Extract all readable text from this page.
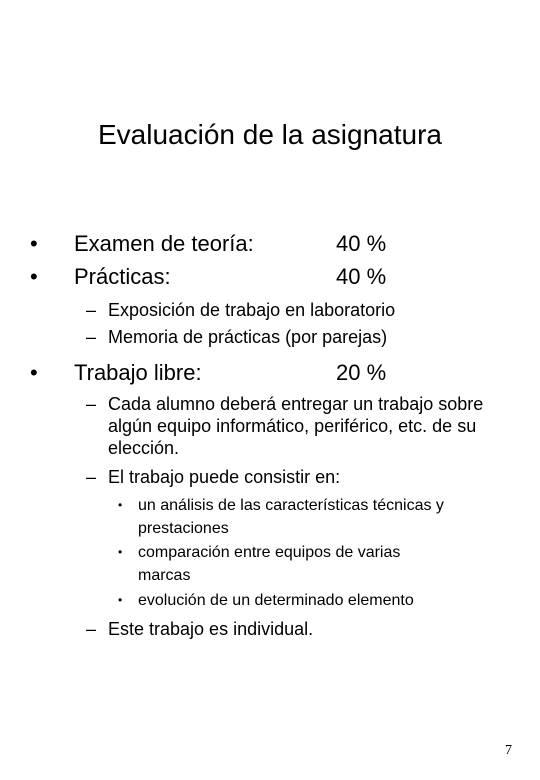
Evaluación de la asignatura
• Examen de teoría:	40 %
• Prácticas:	40 %
– Exposición de trabajo en laboratorio
– Memoria de prácticas (por parejas)
• Trabajo libre:	20 %
– Cada alumno deberá entregar un trabajo sobre algún equipo informático, periférico, etc. de su elección.
– El trabajo puede consistir en:
• un análisis de las características técnicas y prestaciones
• comparación entre equipos de varias marcas
• evolución de un determinado elemento
– Este trabajo es individual.
7
